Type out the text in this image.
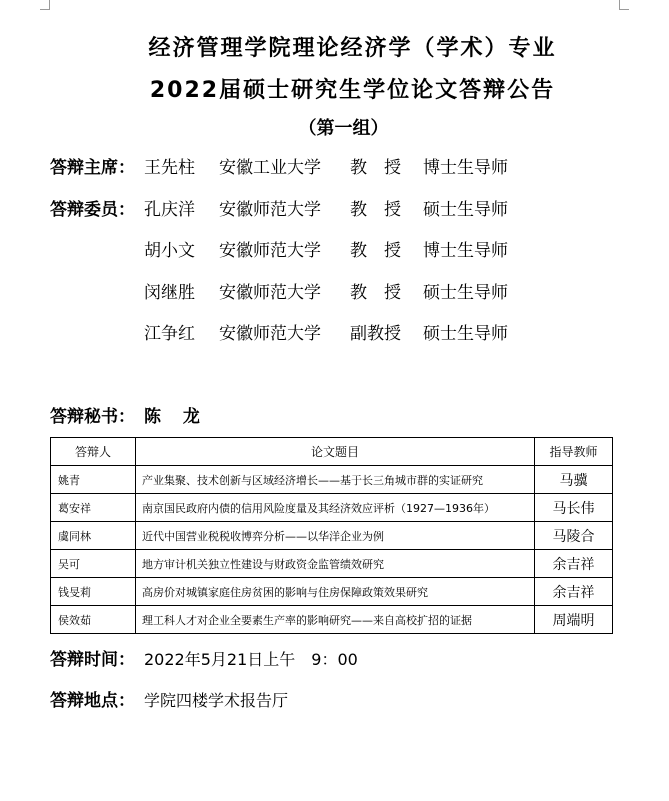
经济管理学院理论经济学（学术）专业
2022届硕士研究生学位论文答辩公告
（第一组）
答辩主席： 王先柱 安徽工业大学 教　授 博士生导师
答辩委员： 孔庆洋 安徽师范大学 教　授 硕士生导师
胡小文 安徽师范大学 教　授 博士生导师
闵继胜 安徽师范大学 教　授 硕士生导师
江争红 安徽师范大学 副教授 硕士生导师
答辩秘书： 陈 龙
答辩人	论文题目	指导教师
姚青	产业集聚、技术创新与区域经济增长——基于长三角城市群的实证研究	马骥
葛安祥	南京国民政府内债的信用风险度量及其经济效应评析（1927—1936年）	马长伟
虞同林	近代中国营业税税收博弈分析——以华洋企业为例	马陵合
吴可	地方审计机关独立性建设与财政资金监管绩效研究	余吉祥
钱旻莉	高房价对城镇家庭住房贫困的影响与住房保障政策效果研究	余吉祥
侯效茹	理工科人才对企业全要素生产率的影响研究——来自高校扩招的证据	周端明
答辩时间： 2022年5月21日上午　9：00
答辩地点： 学院四楼学术报告厅
